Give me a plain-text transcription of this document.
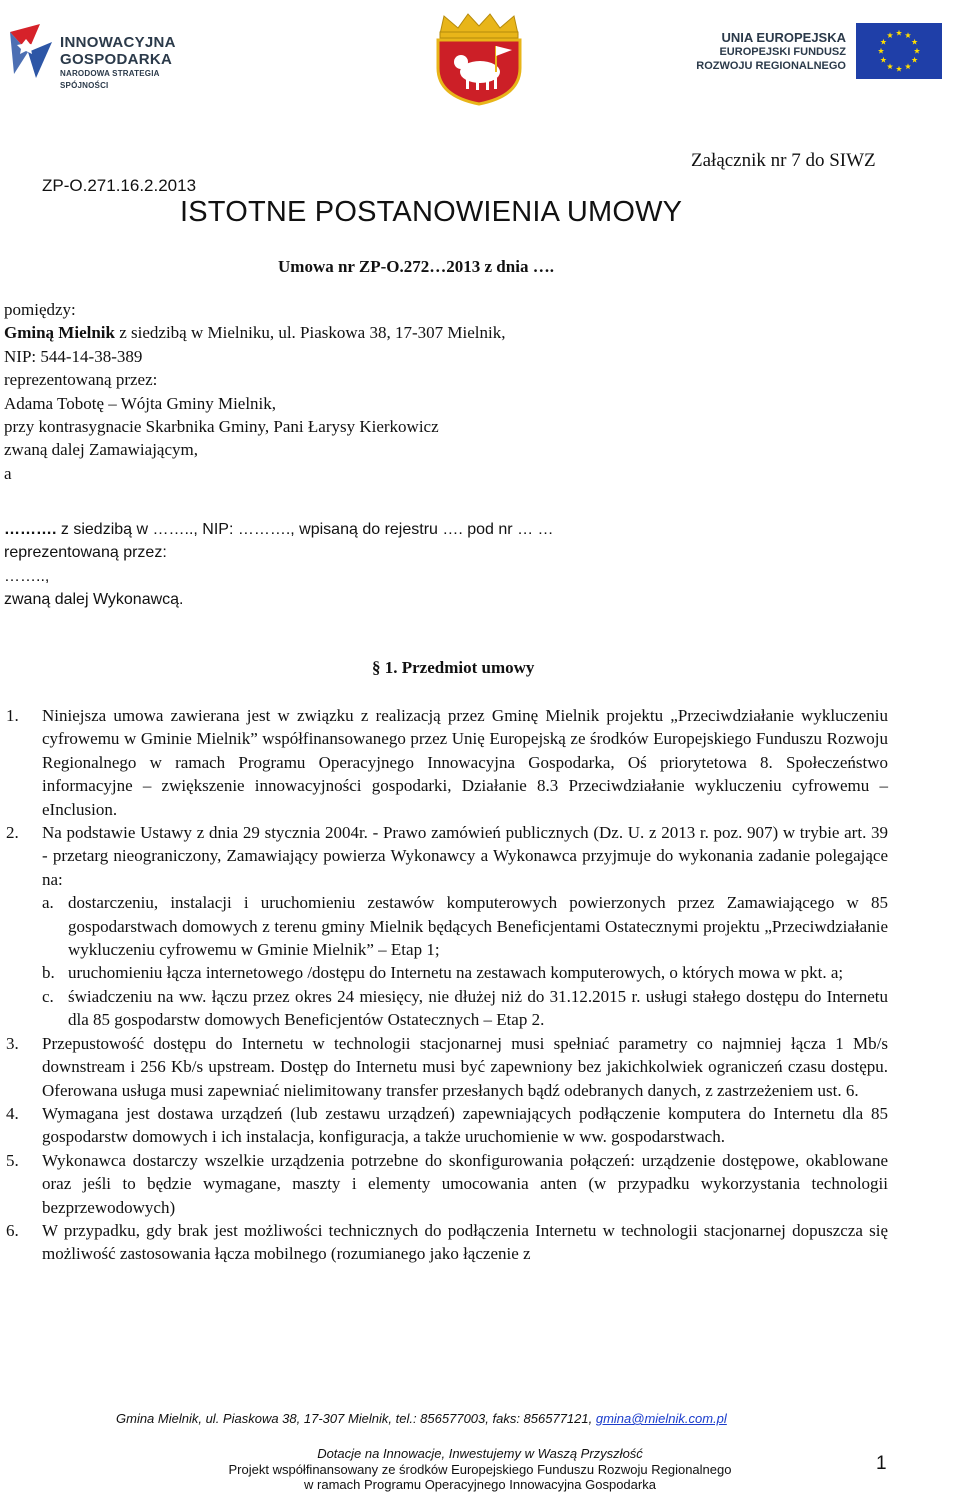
INNOWACYJNA
GOSPODARKA
NARODOWA STRATEGIA SPÓJNOŚCI
UNIA EUROPEJSKA
EUROPEJSKI FUNDUSZ
ROZWOJU REGIONALNEGO
ZP-O.271.16.2.2013
Załącznik nr 7 do SIWZ
ISTOTNE POSTANOWIENIA UMOWY
Umowa nr ZP-O.272…2013 z dnia ….
pomiędzy:
Gminą Mielnik z siedzibą w Mielniku, ul. Piaskowa 38, 17-307 Mielnik,
NIP: 544-14-38-389
reprezentowaną przez:
Adama Tobotę – Wójta Gminy Mielnik,
przy kontrasygnacie Skarbnika Gminy, Pani Łarysy Kierkowicz
zwaną dalej Zamawiającym,
a
………. z siedzibą w …….., NIP: ………., wpisaną do rejestru …. pod nr … …
reprezentowaną przez:
……..,
zwaną dalej Wykonawcą.
§ 1. Przedmiot umowy
1. Niniejsza umowa zawierana jest w związku z realizacją przez Gminę Mielnik projektu „Przeciwdziałanie wykluczeniu cyfrowemu w Gminie Mielnik” współfinansowanego przez Unię Europejską ze środków Europejskiego Funduszu Rozwoju Regionalnego w ramach Programu Operacyjnego Innowacyjna Gospodarka, Oś priorytetowa 8. Społeczeństwo informacyjne – zwiększenie innowacyjności gospodarki, Działanie 8.3 Przeciwdziałanie wykluczeniu cyfrowemu – eInclusion.
2. Na podstawie Ustawy z dnia 29 stycznia 2004r. - Prawo zamówień publicznych (Dz. U. z 2013 r. poz. 907) w trybie art. 39 - przetarg nieograniczony, Zamawiający powierza Wykonawcy a Wykonawca przyjmuje do wykonania zadanie polegające na:
a. dostarczeniu, instalacji i uruchomieniu zestawów komputerowych powierzonych przez Zamawiającego w 85 gospodarstwach domowych z terenu gminy Mielnik będących Beneficjentami Ostatecznymi projektu „Przeciwdziałanie wykluczeniu cyfrowemu w Gminie Mielnik” – Etap 1;
b. uruchomieniu łącza internetowego /dostępu do Internetu na zestawach komputerowych, o których mowa w pkt. a;
c. świadczeniu na ww. łączu przez okres 24 miesięcy, nie dłużej niż do 31.12.2015 r. usługi stałego dostępu do Internetu dla 85 gospodarstw domowych Beneficjentów Ostatecznych – Etap 2.
3. Przepustowość dostępu do Internetu w technologii stacjonarnej musi spełniać parametry co najmniej łącza 1 Mb/s downstream i 256 Kb/s upstream. Dostęp do Internetu musi być zapewniony bez jakichkolwiek ograniczeń czasu dostępu. Oferowana usługa musi zapewniać nielimitowany transfer przesłanych bądź odebranych danych, z zastrzeżeniem ust. 6.
4. Wymagana jest dostawa urządzeń (lub zestawu urządzeń) zapewniających podłączenie komputera do Internetu dla 85 gospodarstw domowych i ich instalacja, konfiguracja, a także uruchomienie w ww. gospodarstwach.
5. Wykonawca dostarczy wszelkie urządzenia potrzebne do skonfigurowania połączeń: urządzenie dostępowe, okablowane oraz jeśli to będzie wymagane, maszty i elementy umocowania anten (w przypadku wykorzystania technologii bezprzewodowych)
6. W przypadku, gdy brak jest możliwości technicznych do podłączenia Internetu w technologii stacjonarnej dopuszcza się możliwość zastosowania łącza mobilnego (rozumianego jako łączenie z
Gmina Mielnik, ul. Piaskowa 38, 17-307 Mielnik, tel.: 856577003, faks: 856577121, gmina@mielnik.com.pl
Dotacje na Innowacje, Inwestujemy w Waszą Przyszłość
Projekt współfinansowany ze środków Europejskiego Funduszu Rozwoju Regionalnego
w ramach Programu Operacyjnego Innowacyjna Gospodarka
1
